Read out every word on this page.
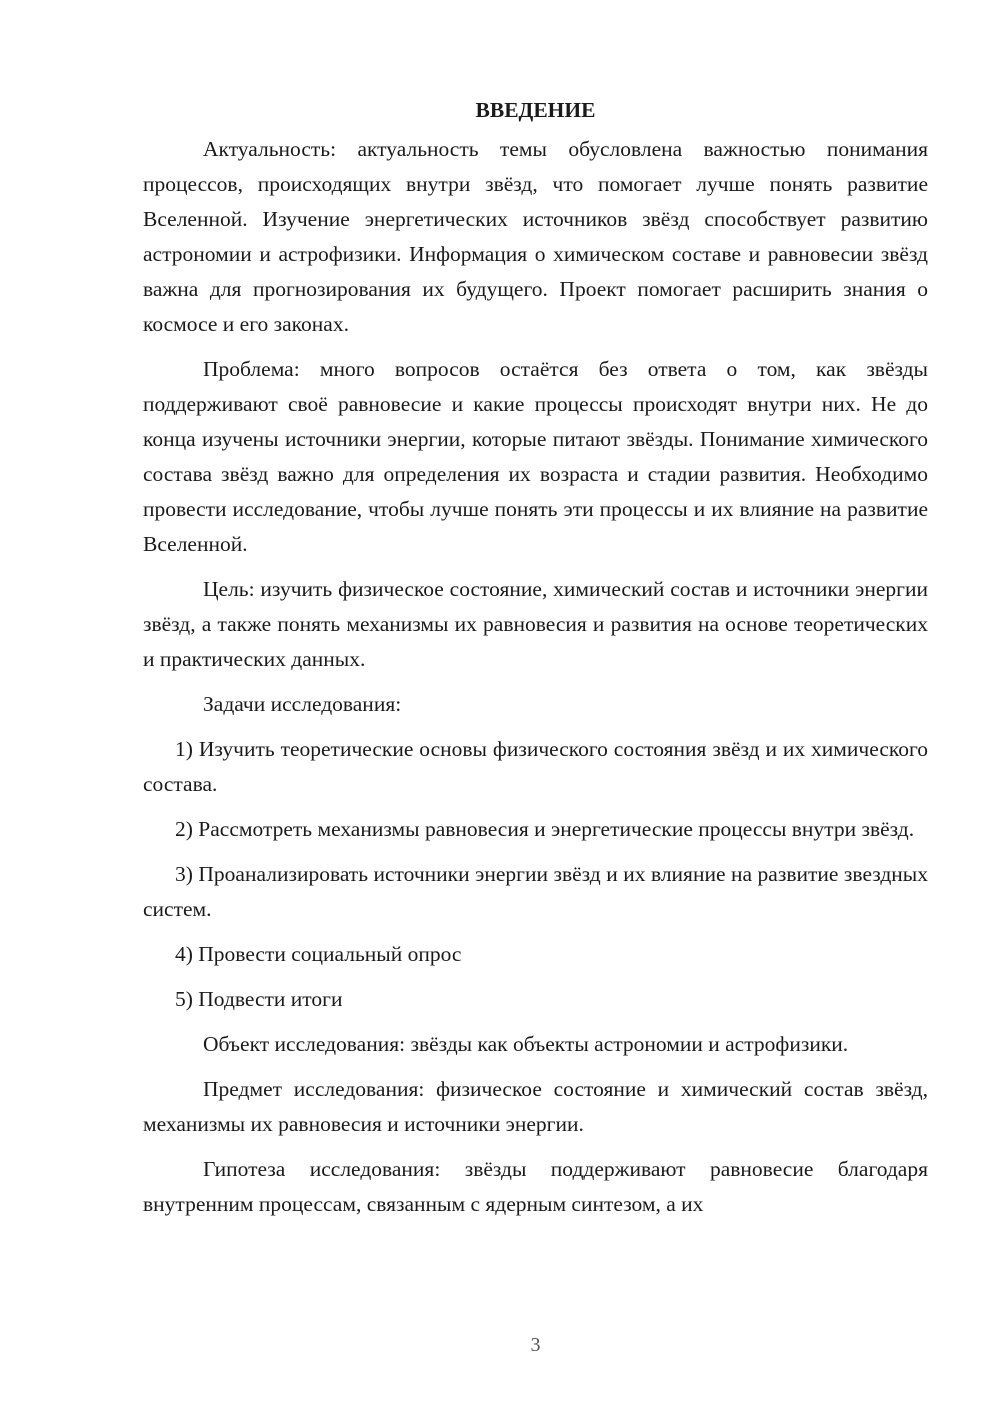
ВВЕДЕНИЕ

Актуальность: актуальность темы обусловлена важностью понимания процессов, происходящих внутри звёзд, что помогает лучше понять развитие Вселенной. Изучение энергетических источников звёзд способствует развитию астрономии и астрофизики. Информация о химическом составе и равновесии звёзд важна для прогнозирования их будущего. Проект помогает расширить знания о космосе и его законах.

Проблема: много вопросов остаётся без ответа о том, как звёзды поддерживают своё равновесие и какие процессы происходят внутри них. Не до конца изучены источники энергии, которые питают звёзды. Понимание химического состава звёзд важно для определения их возраста и стадии развития. Необходимо провести исследование, чтобы лучше понять эти процессы и их влияние на развитие Вселенной.

Цель: изучить физическое состояние, химический состав и источники энергии звёзд, а также понять механизмы их равновесия и развития на основе теоретических и практических данных.

Задачи исследования:

1) Изучить теоретические основы физического состояния звёзд и их химического состава.

2) Рассмотреть механизмы равновесия и энергетические процессы внутри звёзд.

3) Проанализировать источники энергии звёзд и их влияние на развитие звездных систем.

4) Провести социальный опрос

5) Подвести итоги

Объект исследования: звёзды как объекты астрономии и астрофизики.

Предмет исследования: физическое состояние и химический состав звёзд, механизмы их равновесия и источники энергии.

Гипотеза исследования: звёзды поддерживают равновесие благодаря внутренним процессам, связанным с ядерным синтезом, а их

3
